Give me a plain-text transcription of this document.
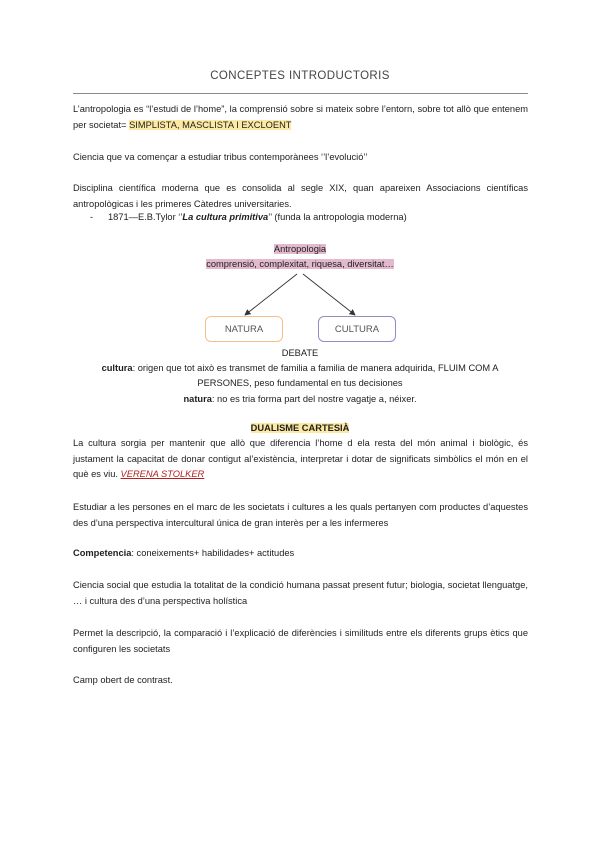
CONCEPTES INTRODUCTORIS
L’antropologia es “l’estudi de l’home”, la comprensió sobre si mateix sobre l’entorn, sobre tot allò que entenem per societat= SIMPLISTA, MASCLISTA I EXCLOENT
Ciencia que va començar a estudiar tribus contemporànees ‘’l’evolució’’
Disciplina científica moderna que es consolida al segle XIX, quan apareixen Associacions científicas antropològicas i les primeres Càtedres universitaries.
- 1871—E.B.Tylor ‘’La cultura primitiva’’ (funda la antropologia moderna)
Antropologia
comprensió, complexitat, riquesa, diversitat…
NATURA	CULTURA
DEBATE
cultura: origen que tot això es transmet de familia a familia de manera adquirida, FLUIM COM A PERSONES, peso fundamental en tus decisiones
natura: no es tria forma part del nostre vagatje a, néixer.
DUALISME CARTESIÀ
La cultura sorgia per mantenir que allò que diferencia l’home d ela resta del món animal i biològic, és justament la capacitat de donar contigut al’existència, interpretar i dotar de significats simbòlics el món en el què es viu. VERENA STOLKER
Estudiar a les persones en el marc de les societats i cultures a les quals pertanyen com productes d’aquestes des d’una perspectiva intercultural única de gran interès per a les infermeres
Competencia: coneixements+ habilidades+ actitudes
Ciencia social que estudia la totalitat de la condició humana passat present futur; biologia, societat llenguatge, … i cultura des d’una perspectiva holística
Permet la descripció, la comparació i l’explicació de diferències i similituds entre els diferents grups ètics que configuren les societats
Camp obert de contrast.
